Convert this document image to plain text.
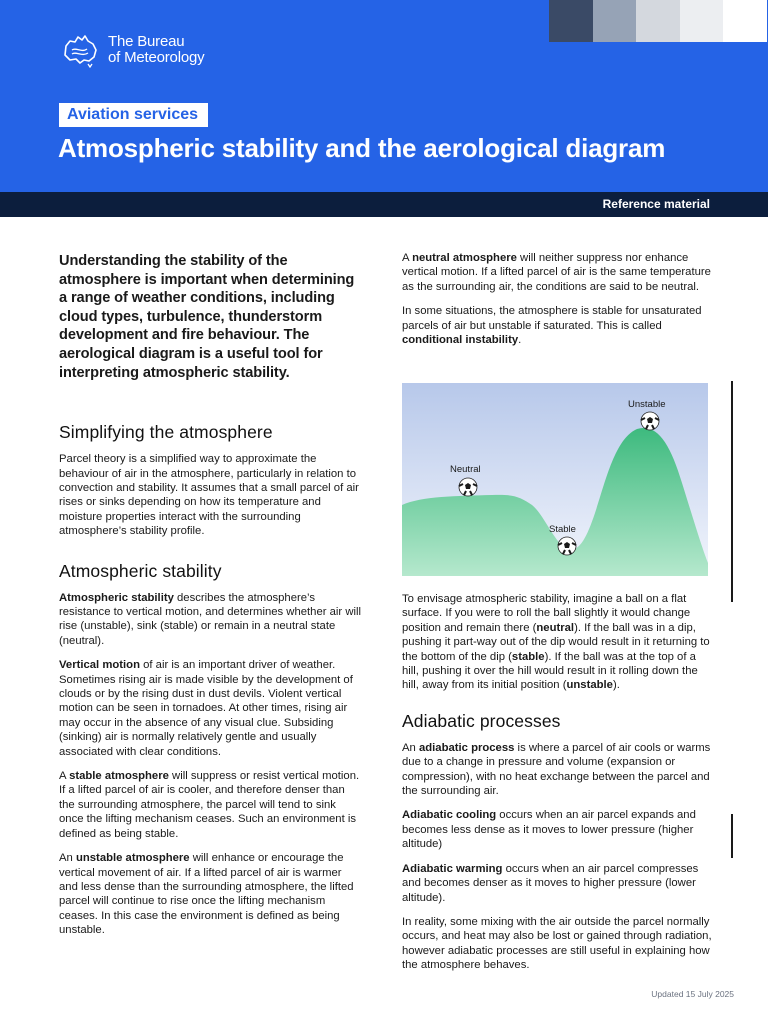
The Bureau
of Meteorology
Aviation services
Atmospheric stability and the aerological diagram
Reference material

Understanding the stability of the atmosphere is important when determining a range of weather conditions, including cloud types, turbulence, thunderstorm development and fire behaviour. The aerological diagram is a useful tool for interpreting atmospheric stability.

Simplifying the atmosphere

Parcel theory is a simplified way to approximate the behaviour of air in the atmosphere, particularly in relation to convection and stability. It assumes that a small parcel of air rises or sinks depending on how its temperature and moisture properties interact with the surrounding atmosphere’s stability profile.

Atmospheric stability

Atmospheric stability describes the atmosphere’s resistance to vertical motion, and determines whether air will rise (unstable), sink (stable) or remain in a neutral state (neutral).

Vertical motion of air is an important driver of weather. Sometimes rising air is made visible by the development of clouds or by the rising dust in dust devils. Violent vertical motion can be seen in tornadoes. At other times, rising air may occur in the absence of any visual clue. Subsiding (sinking) air is normally relatively gentle and usually associated with clear conditions.

A stable atmosphere will suppress or resist vertical motion. If a lifted parcel of air is cooler, and therefore denser than the surrounding atmosphere, the parcel will tend to sink once the lifting mechanism ceases. Such an environment is defined as being stable.

An unstable atmosphere will enhance or encourage the vertical movement of air. If a lifted parcel of air is warmer and less dense than the surrounding atmosphere, the lifted parcel will continue to rise once the lifting mechanism ceases. In this case the environment is defined as being unstable.

A neutral atmosphere will neither suppress nor enhance vertical motion. If a lifted parcel of air is the same temperature as the surrounding air, the conditions are said to be neutral.

In some situations, the atmosphere is stable for unsaturated parcels of air but unstable if saturated. This is called conditional instability.

Unstable
Neutral
Stable

To envisage atmospheric stability, imagine a ball on a flat surface. If you were to roll the ball slightly it would change position and remain there (neutral). If the ball was in a dip, pushing it part-way out of the dip would result in it returning to the bottom of the dip (stable). If the ball was at the top of a hill, pushing it over the hill would result in it rolling down the hill, away from its initial position (unstable).

Adiabatic processes

An adiabatic process is where a parcel of air cools or warms due to a change in pressure and volume (expansion or compression), with no heat exchange between the parcel and the surrounding air.

Adiabatic cooling occurs when an air parcel expands and becomes less dense as it moves to lower pressure (higher altitude)

Adiabatic warming occurs when an air parcel compresses and becomes denser as it moves to higher pressure (lower altitude).

In reality, some mixing with the air outside the parcel normally occurs, and heat may also be lost or gained through radiation, however adiabatic processes are still useful in explaining how the atmosphere behaves.

Updated 15 July 2025
